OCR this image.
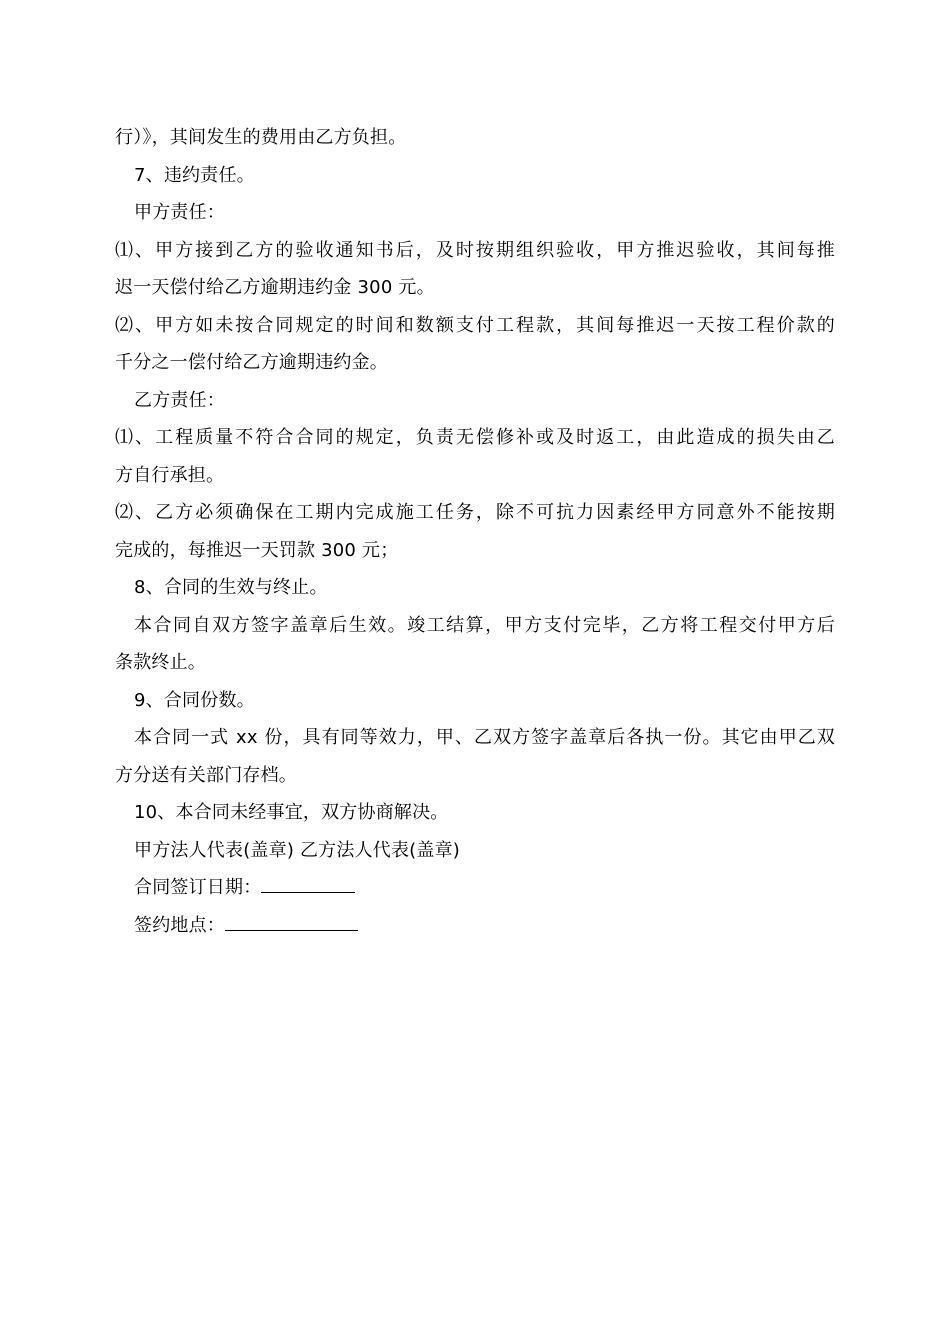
行）》，其间发生的费用由乙方负担。
7、违约责任。
甲方责任：
⑴、甲方接到乙方的验收通知书后，及时按期组织验收，甲方推迟验收，其间每推
迟一天偿付给乙方逾期违约金 300 元。
⑵、甲方如未按合同规定的时间和数额支付工程款，其间每推迟一天按工程价款的
千分之一偿付给乙方逾期违约金。
乙方责任：
⑴、工程质量不符合合同的规定，负责无偿修补或及时返工，由此造成的损失由乙
方自行承担。
⑵、乙方必须确保在工期内完成施工任务，除不可抗力因素经甲方同意外不能按期
完成的，每推迟一天罚款 300 元；
8、合同的生效与终止。
本合同自双方签字盖章后生效。竣工结算，甲方支付完毕，乙方将工程交付甲方后
条款终止。
9、合同份数。
本合同一式 xx 份，具有同等效力，甲、乙双方签字盖章后各执一份。其它由甲乙双
方分送有关部门存档。
10、本合同未经事宜，双方协商解决。
甲方法人代表(盖章) 乙方法人代表(盖章)
合同签订日期：
签约地点：
